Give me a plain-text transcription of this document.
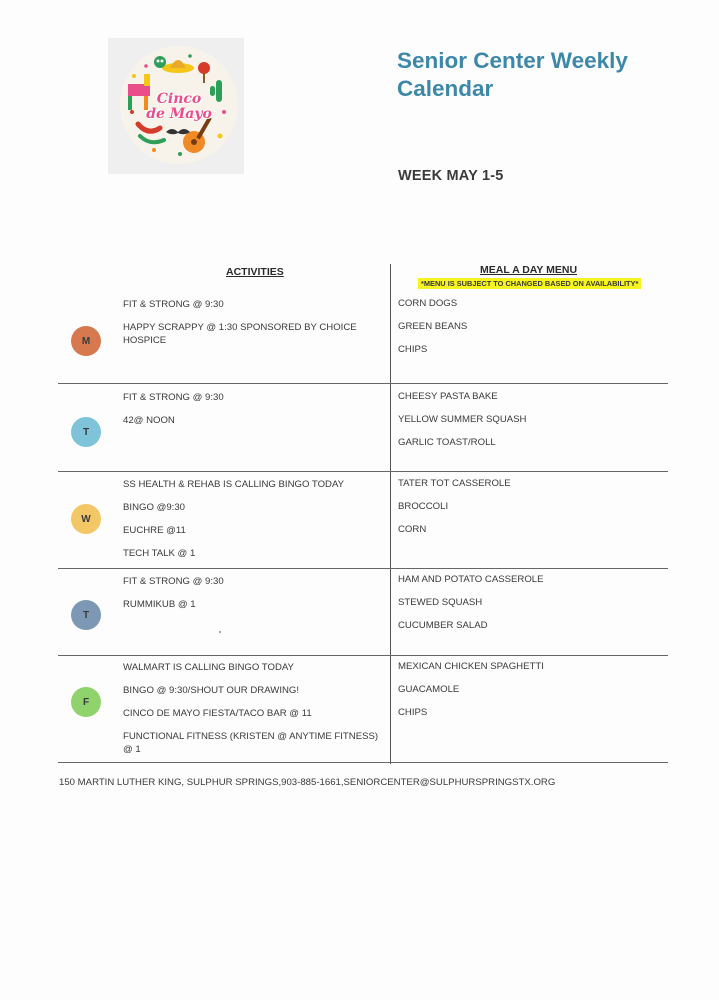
Cinco
de Mayo
Senior Center Weekly Calendar
WEEK MAY 1-5
ACTIVITIES	MEAL A DAY MENU
*MENU IS SUBJECT TO CHANGED BASED ON AVAILABILITY*
M
FIT & STRONG @ 9:30
HAPPY SCRAPPY @ 1:30 SPONSORED BY CHOICE HOSPICE
CORN DOGS
GREEN BEANS
CHIPS
T
FIT & STRONG @ 9:30
42@ NOON
CHEESY PASTA BAKE
YELLOW SUMMER SQUASH
GARLIC TOAST/ROLL
W
SS HEALTH & REHAB IS CALLING BINGO TODAY
BINGO @9:30
EUCHRE @11
TECH TALK @ 1
TATER TOT CASSEROLE
BROCCOLI
CORN
T
FIT & STRONG @ 9:30
RUMMIKUB @ 1
HAM AND POTATO CASSEROLE
STEWED SQUASH
CUCUMBER SALAD
F
WALMART IS CALLING BINGO TODAY
BINGO @ 9:30/SHOUT OUR DRAWING!
CINCO DE MAYO FIESTA/TACO BAR @ 11
FUNCTIONAL FITNESS (KRISTEN @ ANYTIME FITNESS) @ 1
MEXICAN CHICKEN SPAGHETTI
GUACAMOLE
CHIPS
150 MARTIN LUTHER KING, SULPHUR SPRINGS,903-885-1661,SENIORCENTER@SULPHURSPRINGSTX.ORG
